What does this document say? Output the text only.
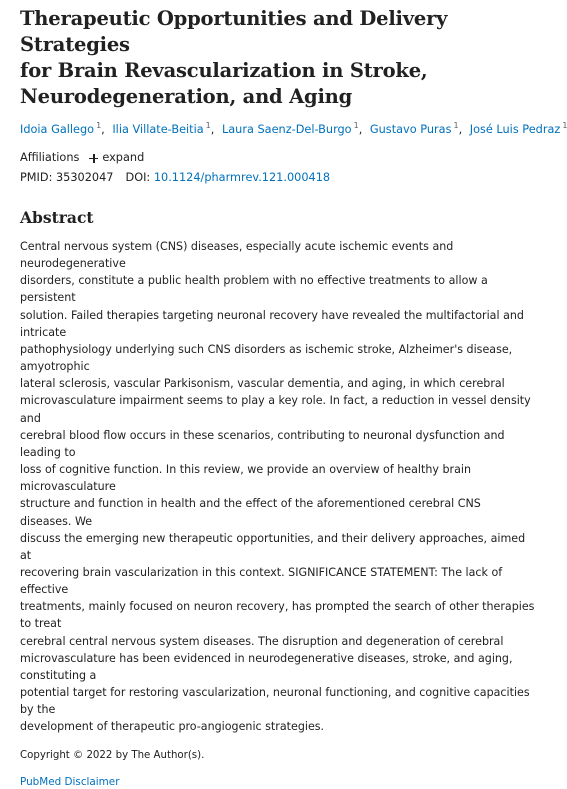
Therapeutic Opportunities and Delivery Strategies
for Brain Revascularization in Stroke,
Neurodegeneration, and Aging
Idoia Gallego $^1$, Ilia Villate-Beitia $^1$, Laura Saenz-Del-Burgo $^1$, Gustavo Puras $^1$, José Luis Pedraz $^1$
Affiliations expand
PMID: 35302047 DOI: 10.1124/pharmrev.121.000418
Abstract
Central nervous system (CNS) diseases, especially acute ischemic events and neurodegenerative
disorders, constitute a public health problem with no effective treatments to allow a persistent
solution. Failed therapies targeting neuronal recovery have revealed the multifactorial and intricate
pathophysiology underlying such CNS disorders as ischemic stroke, Alzheimer's disease, amyotrophic
lateral sclerosis, vascular Parkisonism, vascular dementia, and aging, in which cerebral
microvasculature impairment seems to play a key role. In fact, a reduction in vessel density and
cerebral blood flow occurs in these scenarios, contributing to neuronal dysfunction and leading to
loss of cognitive function. In this review, we provide an overview of healthy brain microvasculature
structure and function in health and the effect of the aforementioned cerebral CNS diseases. We
discuss the emerging new therapeutic opportunities, and their delivery approaches, aimed at
recovering brain vascularization in this context. SIGNIFICANCE STATEMENT: The lack of effective
treatments, mainly focused on neuron recovery, has prompted the search of other therapies to treat
cerebral central nervous system diseases. The disruption and degeneration of cerebral
microvasculature has been evidenced in neurodegenerative diseases, stroke, and aging, constituting a
potential target for restoring vascularization, neuronal functioning, and cognitive capacities by the
development of therapeutic pro-angiogenic strategies.
Copyright © 2022 by The Author(s).
PubMed Disclaimer
